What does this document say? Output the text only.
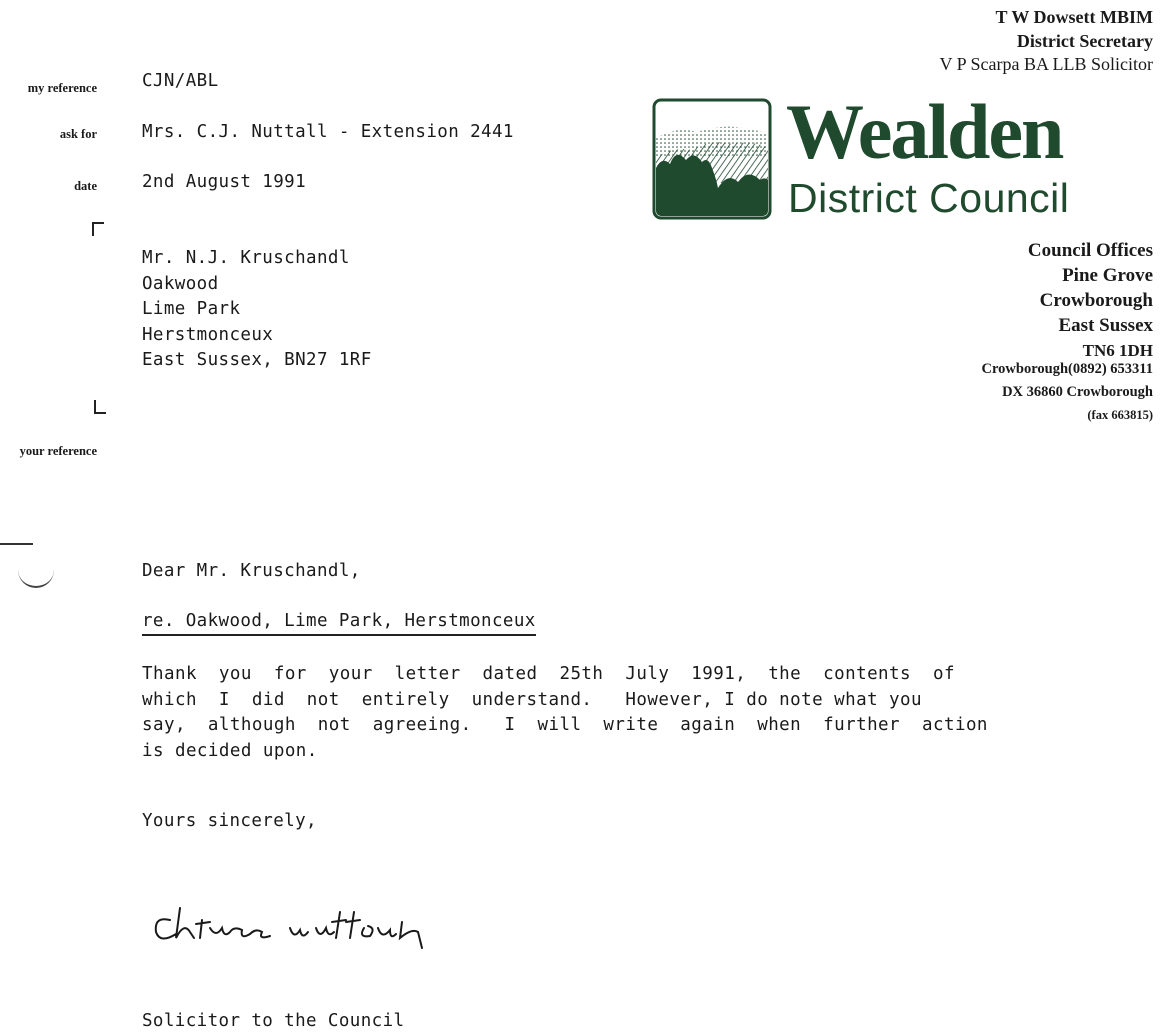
T W Dowsett MBIM
District Secretary
V P Scarpa BA LLB Solicitor
Wealden
District Council
Council Offices
Pine Grove
Crowborough
East Sussex
TN6 1DH
Crowborough(0892) 653311
DX 36860 Crowborough
(fax 663815)
my reference
ask for
date
your reference
CJN/ABL
Mrs. C.J. Nuttall - Extension 2441
2nd August 1991
Mr. N.J. Kruschandl
Oakwood
Lime Park
Herstmonceux
East Sussex, BN27 1RF
Dear Mr. Kruschandl,
re. Oakwood, Lime Park, Herstmonceux
Thank  you  for  your  letter  dated  25th  July  1991,  the  contents  of
which  I  did  not  entirely  understand.   However, I do note what you
say,  although  not  agreeing.   I  will  write  again  when  further  action
is decided upon.
Yours sincerely,
Solicitor to the Council
